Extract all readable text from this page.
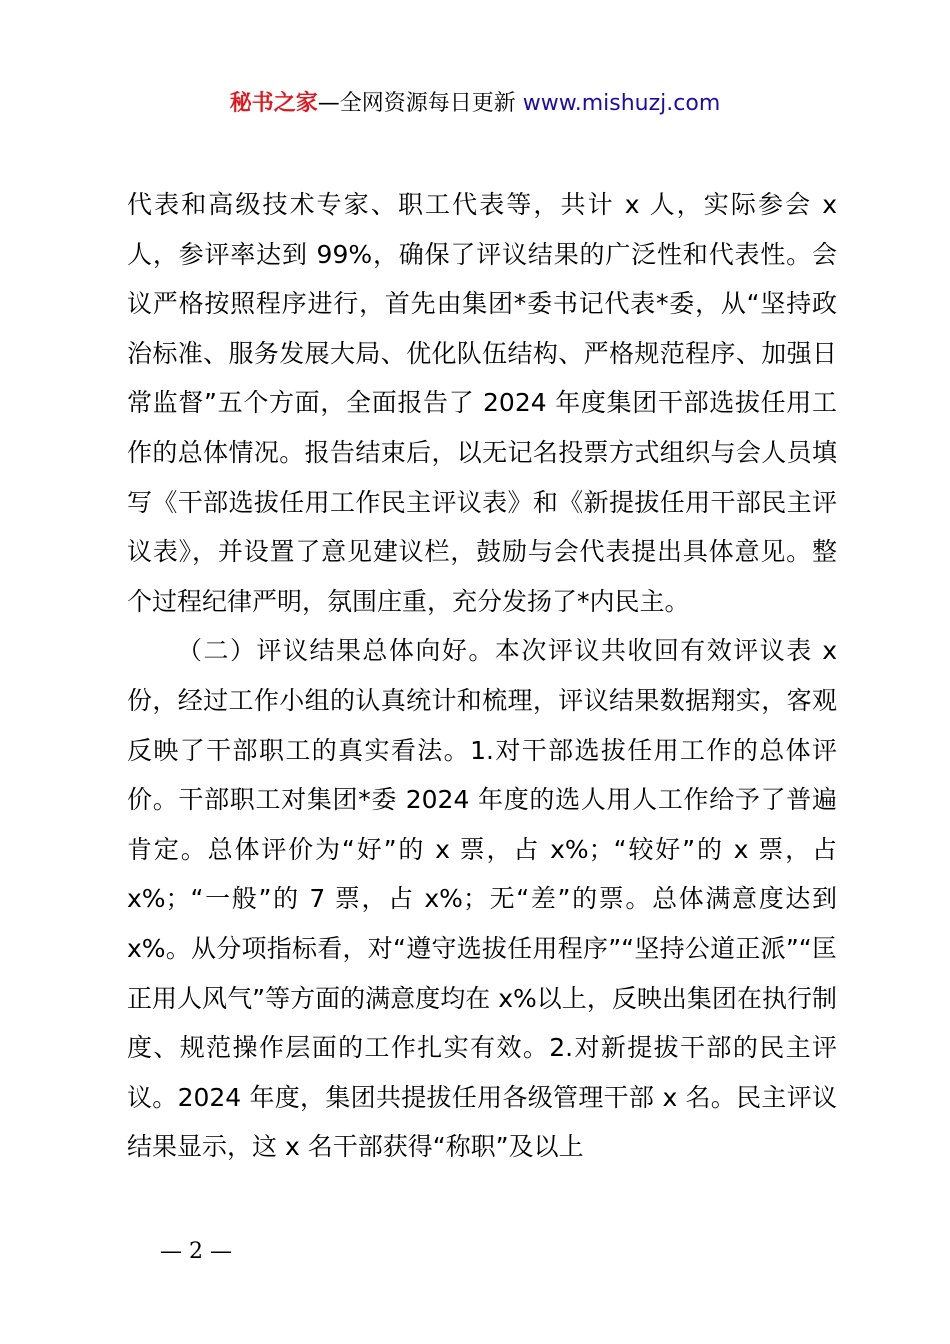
秘书之家—全网资源每日更新 www.mishuzj.com

代表和高级技术专家、职工代表等，共计 x 人，实际参会 x 人，参评率达到 99%，确保了评议结果的广泛性和代表性。会议严格按照程序进行，首先由集团*委书记代表*委，从“坚持政治标准、服务发展大局、优化队伍结构、严格规范程序、加强日常监督”五个方面，全面报告了 2024 年度集团干部选拔任用工作的总体情况。报告结束后，以无记名投票方式组织与会人员填写《干部选拔任用工作民主评议表》和《新提拔任用干部民主评议表》，并设置了意见建议栏，鼓励与会代表提出具体意见。整个过程纪律严明，氛围庄重，充分发扬了*内民主。

（二）评议结果总体向好。本次评议共收回有效评议表 x 份，经过工作小组的认真统计和梳理，评议结果数据翔实，客观反映了干部职工的真实看法。1.对干部选拔任用工作的总体评价。干部职工对集团*委 2024 年度的选人用人工作给予了普遍肯定。总体评价为“好”的 x 票，占 x%；“较好”的 x 票，占 x%；“一般”的 7 票，占 x%；无“差”的票。总体满意度达到 x%。从分项指标看，对“遵守选拔任用程序”“坚持公道正派”“匡正用人风气”等方面的满意度均在 x%以上，反映出集团在执行制度、规范操作层面的工作扎实有效。2.对新提拔干部的民主评议。2024 年度，集团共提拔任用各级管理干部 x 名。民主评议结果显示，这 x 名干部获得“称职”及以上

— 2 —
